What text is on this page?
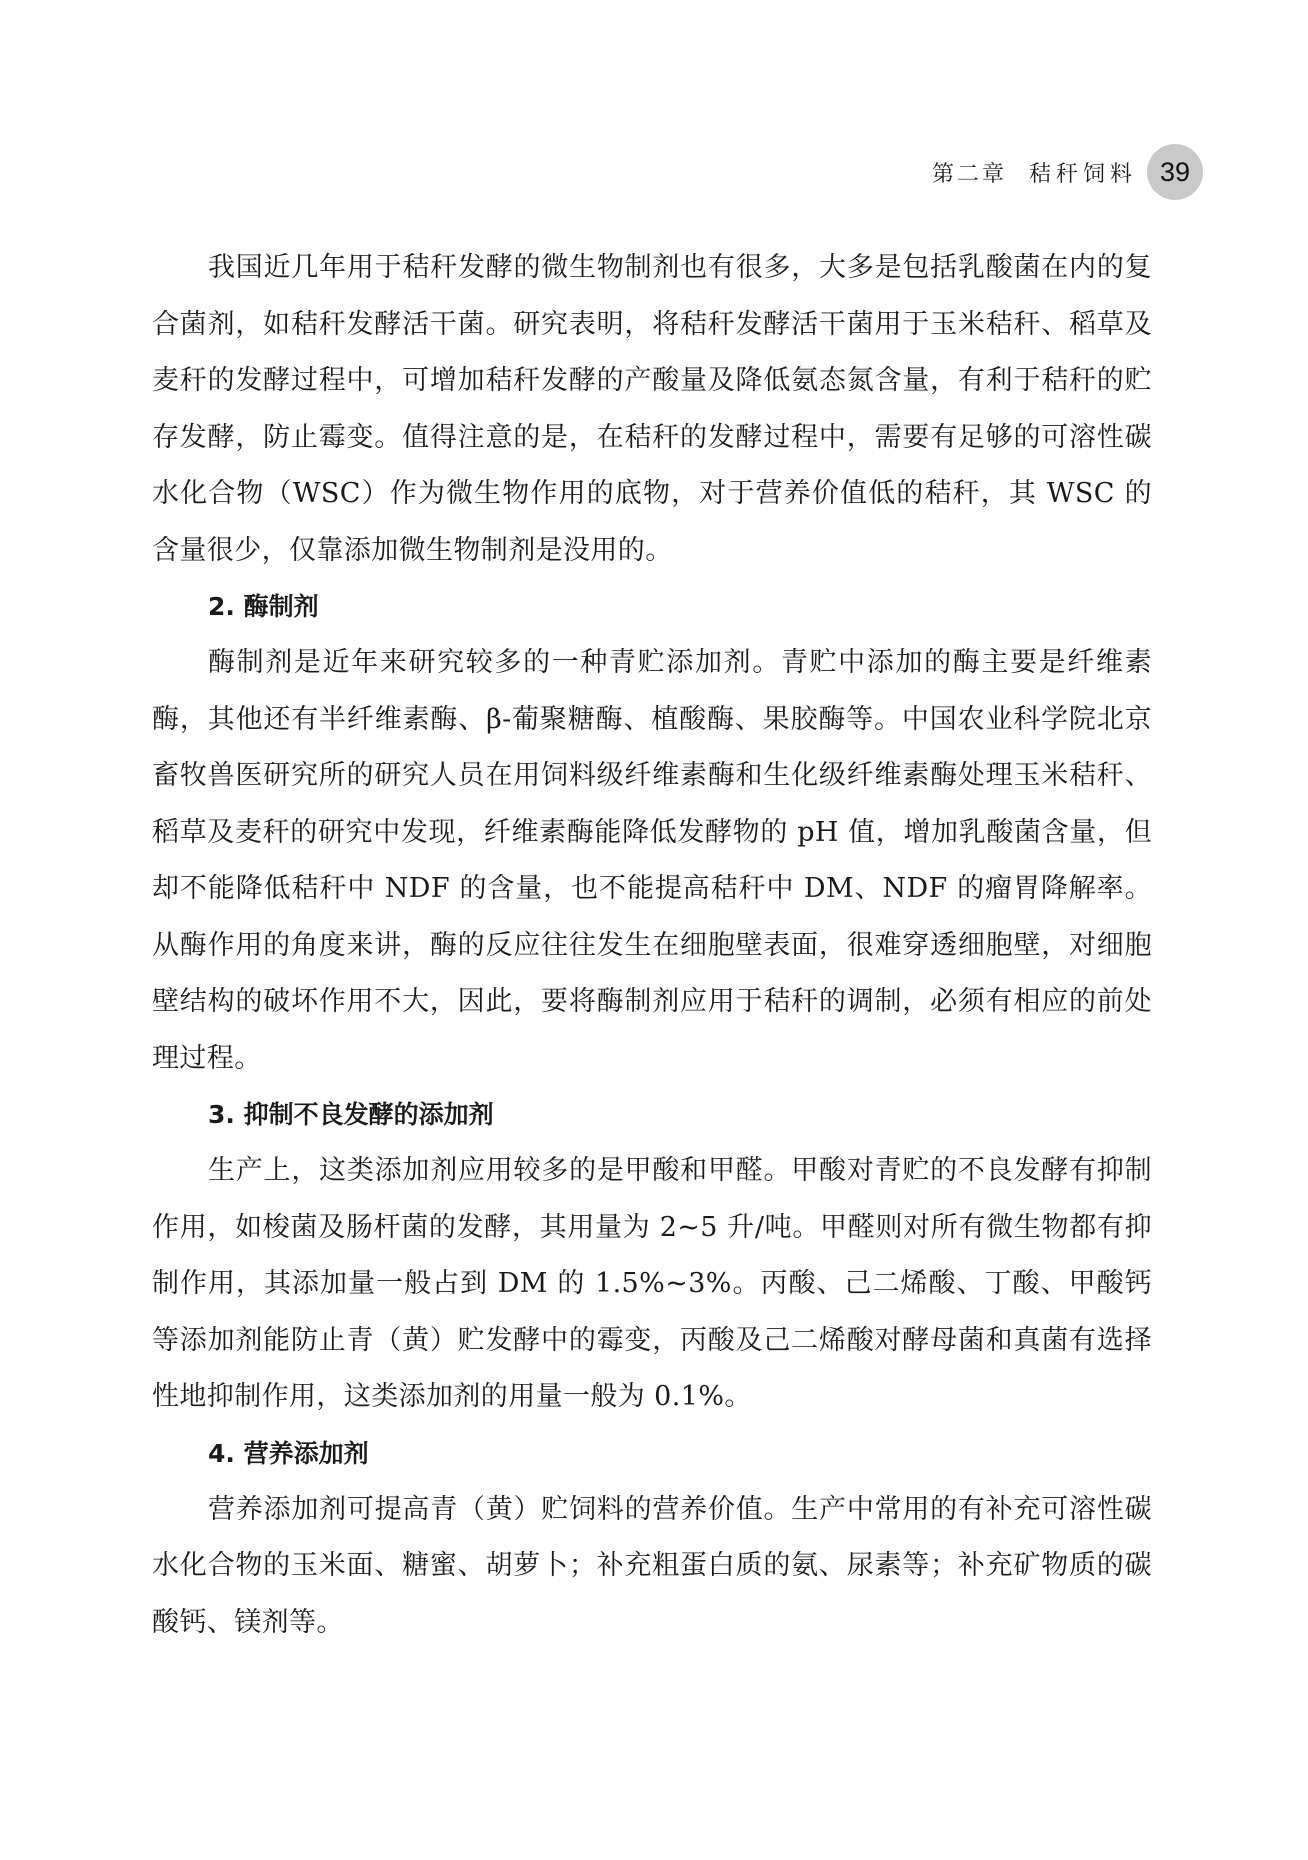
第二章 秸秆饲料 39

我国近几年用于秸秆发酵的微生物制剂也有很多，大多是包括乳酸菌在内的复合菌剂，如秸秆发酵活干菌。研究表明，将秸秆发酵活干菌用于玉米秸秆、稻草及麦秆的发酵过程中，可增加秸秆发酵的产酸量及降低氨态氮含量，有利于秸秆的贮存发酵，防止霉变。值得注意的是，在秸秆的发酵过程中，需要有足够的可溶性碳水化合物（WSC）作为微生物作用的底物，对于营养价值低的秸秆，其 WSC 的含量很少，仅靠添加微生物制剂是没用的。

2. 酶制剂

酶制剂是近年来研究较多的一种青贮添加剂。青贮中添加的酶主要是纤维素酶，其他还有半纤维素酶、β-葡聚糖酶、植酸酶、果胶酶等。中国农业科学院北京畜牧兽医研究所的研究人员在用饲料级纤维素酶和生化级纤维素酶处理玉米秸秆、稻草及麦秆的研究中发现，纤维素酶能降低发酵物的 pH 值，增加乳酸菌含量，但却不能降低秸秆中 NDF 的含量，也不能提高秸秆中 DM、NDF 的瘤胃降解率。从酶作用的角度来讲，酶的反应往往发生在细胞壁表面，很难穿透细胞壁，对细胞壁结构的破坏作用不大，因此，要将酶制剂应用于秸秆的调制，必须有相应的前处理过程。

3. 抑制不良发酵的添加剂

生产上，这类添加剂应用较多的是甲酸和甲醛。甲酸对青贮的不良发酵有抑制作用，如梭菌及肠杆菌的发酵，其用量为 2~5 升/吨。甲醛则对所有微生物都有抑制作用，其添加量一般占到 DM 的 1.5%~3%。丙酸、己二烯酸、丁酸、甲酸钙等添加剂能防止青（黄）贮发酵中的霉变，丙酸及己二烯酸对酵母菌和真菌有选择性地抑制作用，这类添加剂的用量一般为 0.1%。

4. 营养添加剂

营养添加剂可提高青（黄）贮饲料的营养价值。生产中常用的有补充可溶性碳水化合物的玉米面、糖蜜、胡萝卜；补充粗蛋白质的氨、尿素等；补充矿物质的碳酸钙、镁剂等。
